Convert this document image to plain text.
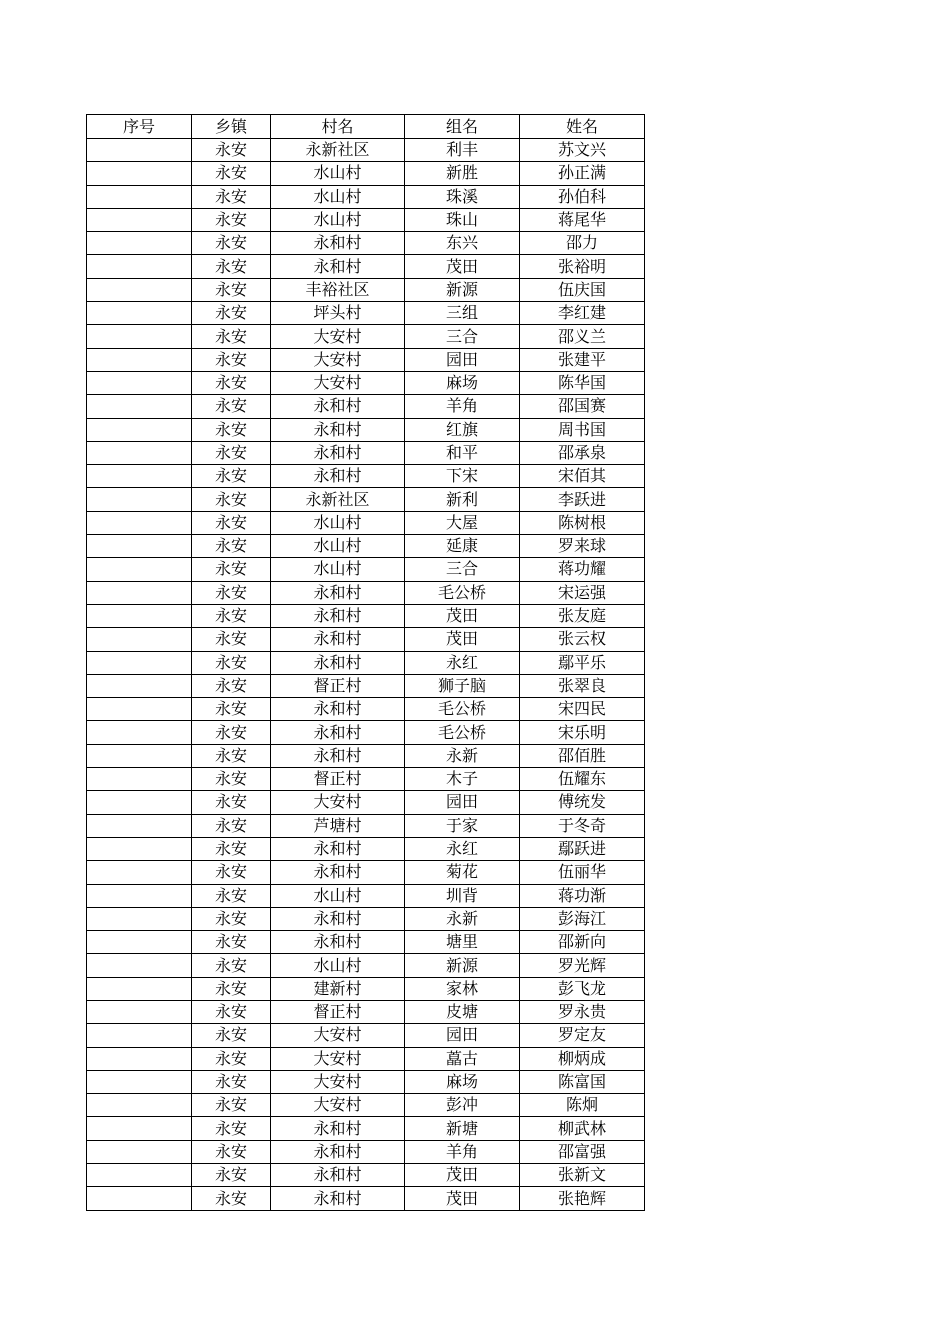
序号	乡镇	村名	组名	姓名
	永安	永新社区	利丰	苏文兴
	永安	水山村	新胜	孙正满
	永安	水山村	珠溪	孙伯科
	永安	水山村	珠山	蒋尾华
	永安	永和村	东兴	邵力
	永安	永和村	茂田	张裕明
	永安	丰裕社区	新源	伍庆国
	永安	坪头村	三组	李红建
	永安	大安村	三合	邵义兰
	永安	大安村	园田	张建平
	永安	大安村	麻场	陈华国
	永安	永和村	羊角	邵国赛
	永安	永和村	红旗	周书国
	永安	永和村	和平	邵承泉
	永安	永和村	下宋	宋佰其
	永安	永新社区	新利	李跃进
	永安	水山村	大屋	陈树根
	永安	水山村	延康	罗来球
	永安	水山村	三合	蒋功耀
	永安	永和村	毛公桥	宋运强
	永安	永和村	茂田	张友庭
	永安	永和村	茂田	张云权
	永安	永和村	永红	鄢平乐
	永安	督正村	狮子脑	张翠良
	永安	永和村	毛公桥	宋四民
	永安	永和村	毛公桥	宋乐明
	永安	永和村	永新	邵佰胜
	永安	督正村	木子	伍耀东
	永安	大安村	园田	傅统发
	永安	芦塘村	于家	于冬奇
	永安	永和村	永红	鄢跃进
	永安	永和村	菊花	伍丽华
	永安	水山村	圳背	蒋功渐
	永安	永和村	永新	彭海江
	永安	永和村	塘里	邵新向
	永安	水山村	新源	罗光辉
	永安	建新村	家林	彭飞龙
	永安	督正村	皮塘	罗永贵
	永安	大安村	园田	罗定友
	永安	大安村	藠古	柳炳成
	永安	大安村	麻场	陈富国
	永安	大安村	彭冲	陈炯
	永安	永和村	新塘	柳武林
	永安	永和村	羊角	邵富强
	永安	永和村	茂田	张新文
	永安	永和村	茂田	张艳辉
